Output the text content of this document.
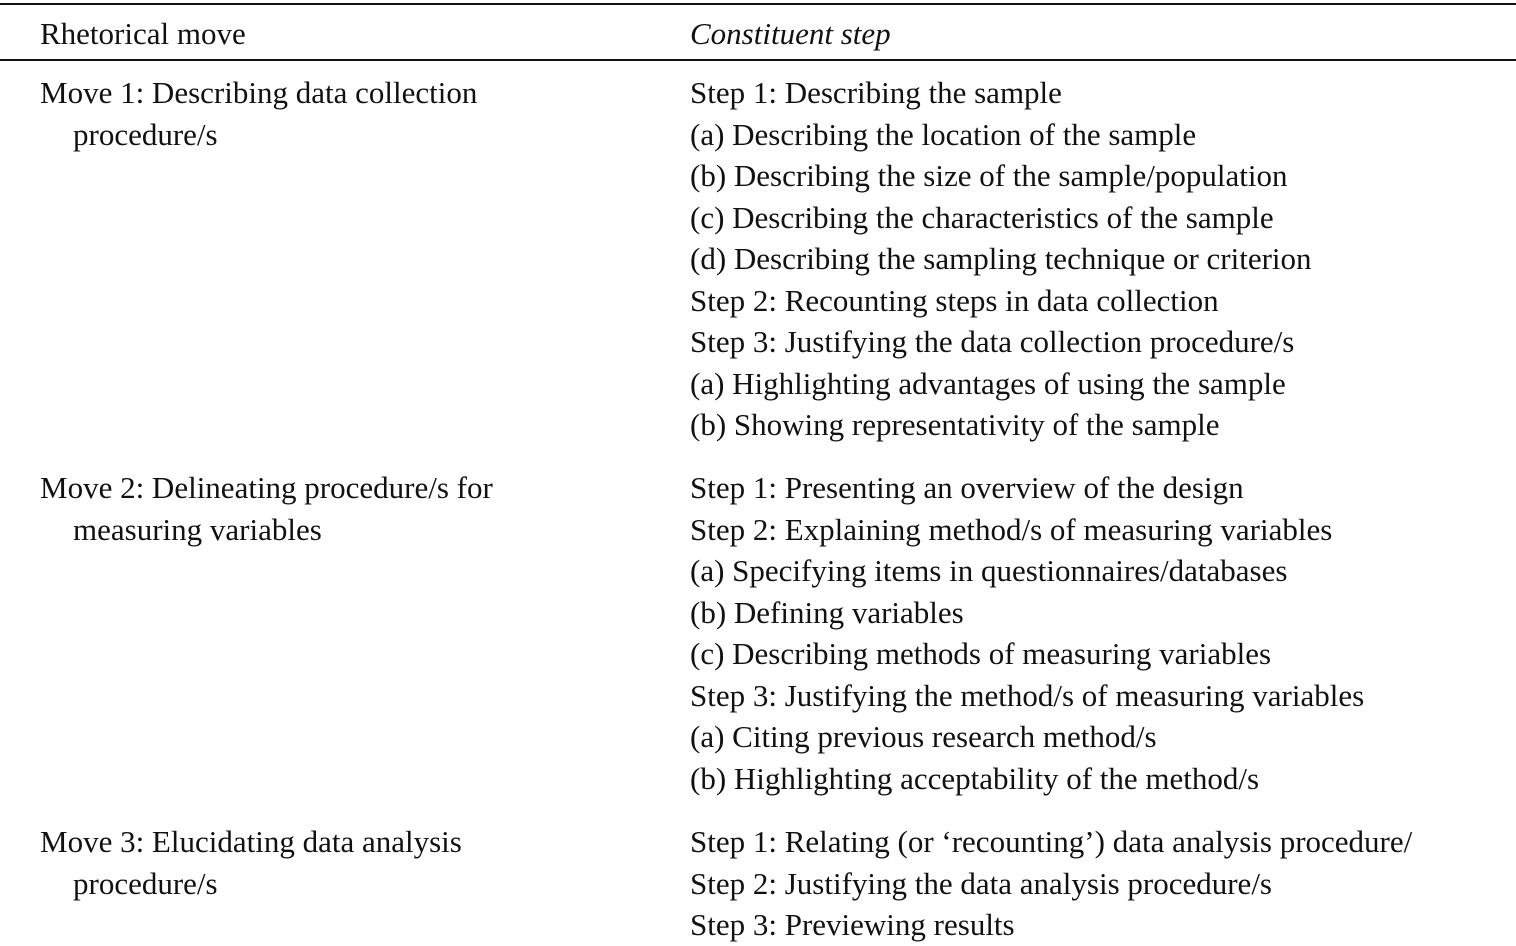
Rhetorical move	Constituent step
Move 1: Describing data collection
procedure/s
Step 1: Describing the sample
(a) Describing the location of the sample
(b) Describing the size of the sample/population
(c) Describing the characteristics of the sample
(d) Describing the sampling technique or criterion
Step 2: Recounting steps in data collection
Step 3: Justifying the data collection procedure/s
(a) Highlighting advantages of using the sample
(b) Showing representativity of the sample
Move 2: Delineating procedure/s for
measuring variables
Step 1: Presenting an overview of the design
Step 2: Explaining method/s of measuring variables
(a) Specifying items in questionnaires/databases
(b) Defining variables
(c) Describing methods of measuring variables
Step 3: Justifying the method/s of measuring variables
(a) Citing previous research method/s
(b) Highlighting acceptability of the method/s
Move 3: Elucidating data analysis
procedure/s
Step 1: Relating (or ‘recounting’) data analysis procedure/
Step 2: Justifying the data analysis procedure/s
Step 3: Previewing results
